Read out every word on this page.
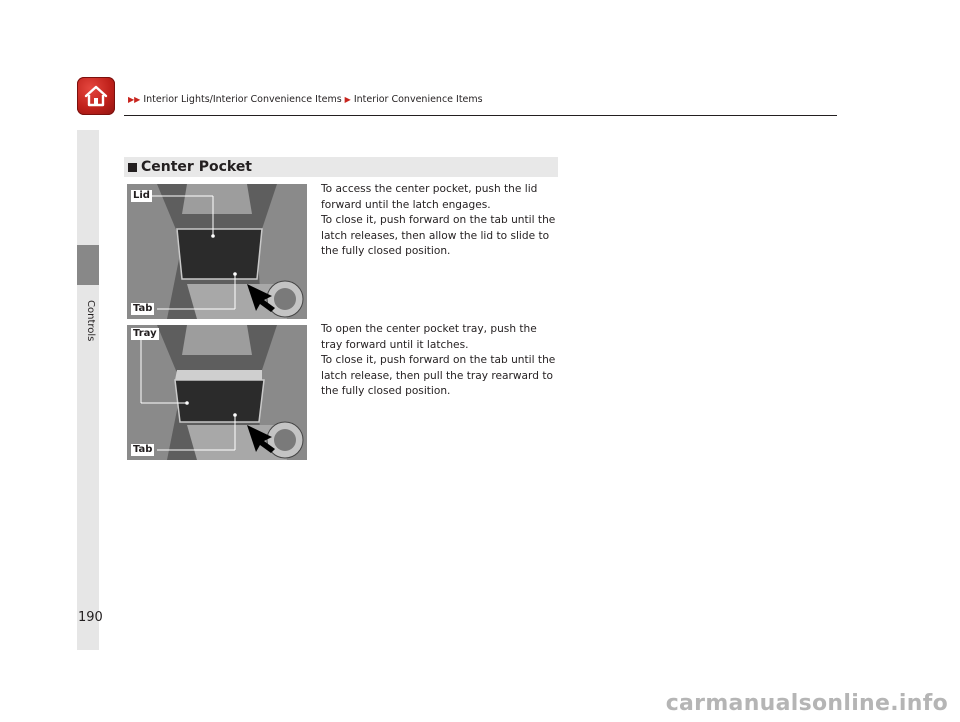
Controls
▶▶ Interior Lights/Interior Convenience Items ▶ Interior Convenience Items
Center Pocket
Lid
Tab
Tray
Tab

To access the center pocket, push the lid forward until the latch engages.

To close it, push forward on the tab until the latch releases, then allow the lid to slide to the fully closed position.

To open the center pocket tray, push the tray forward until it latches.

To close it, push forward on the tab until the latch release, then pull the tray rearward to the fully closed position.

190
carmanualsonline.info
